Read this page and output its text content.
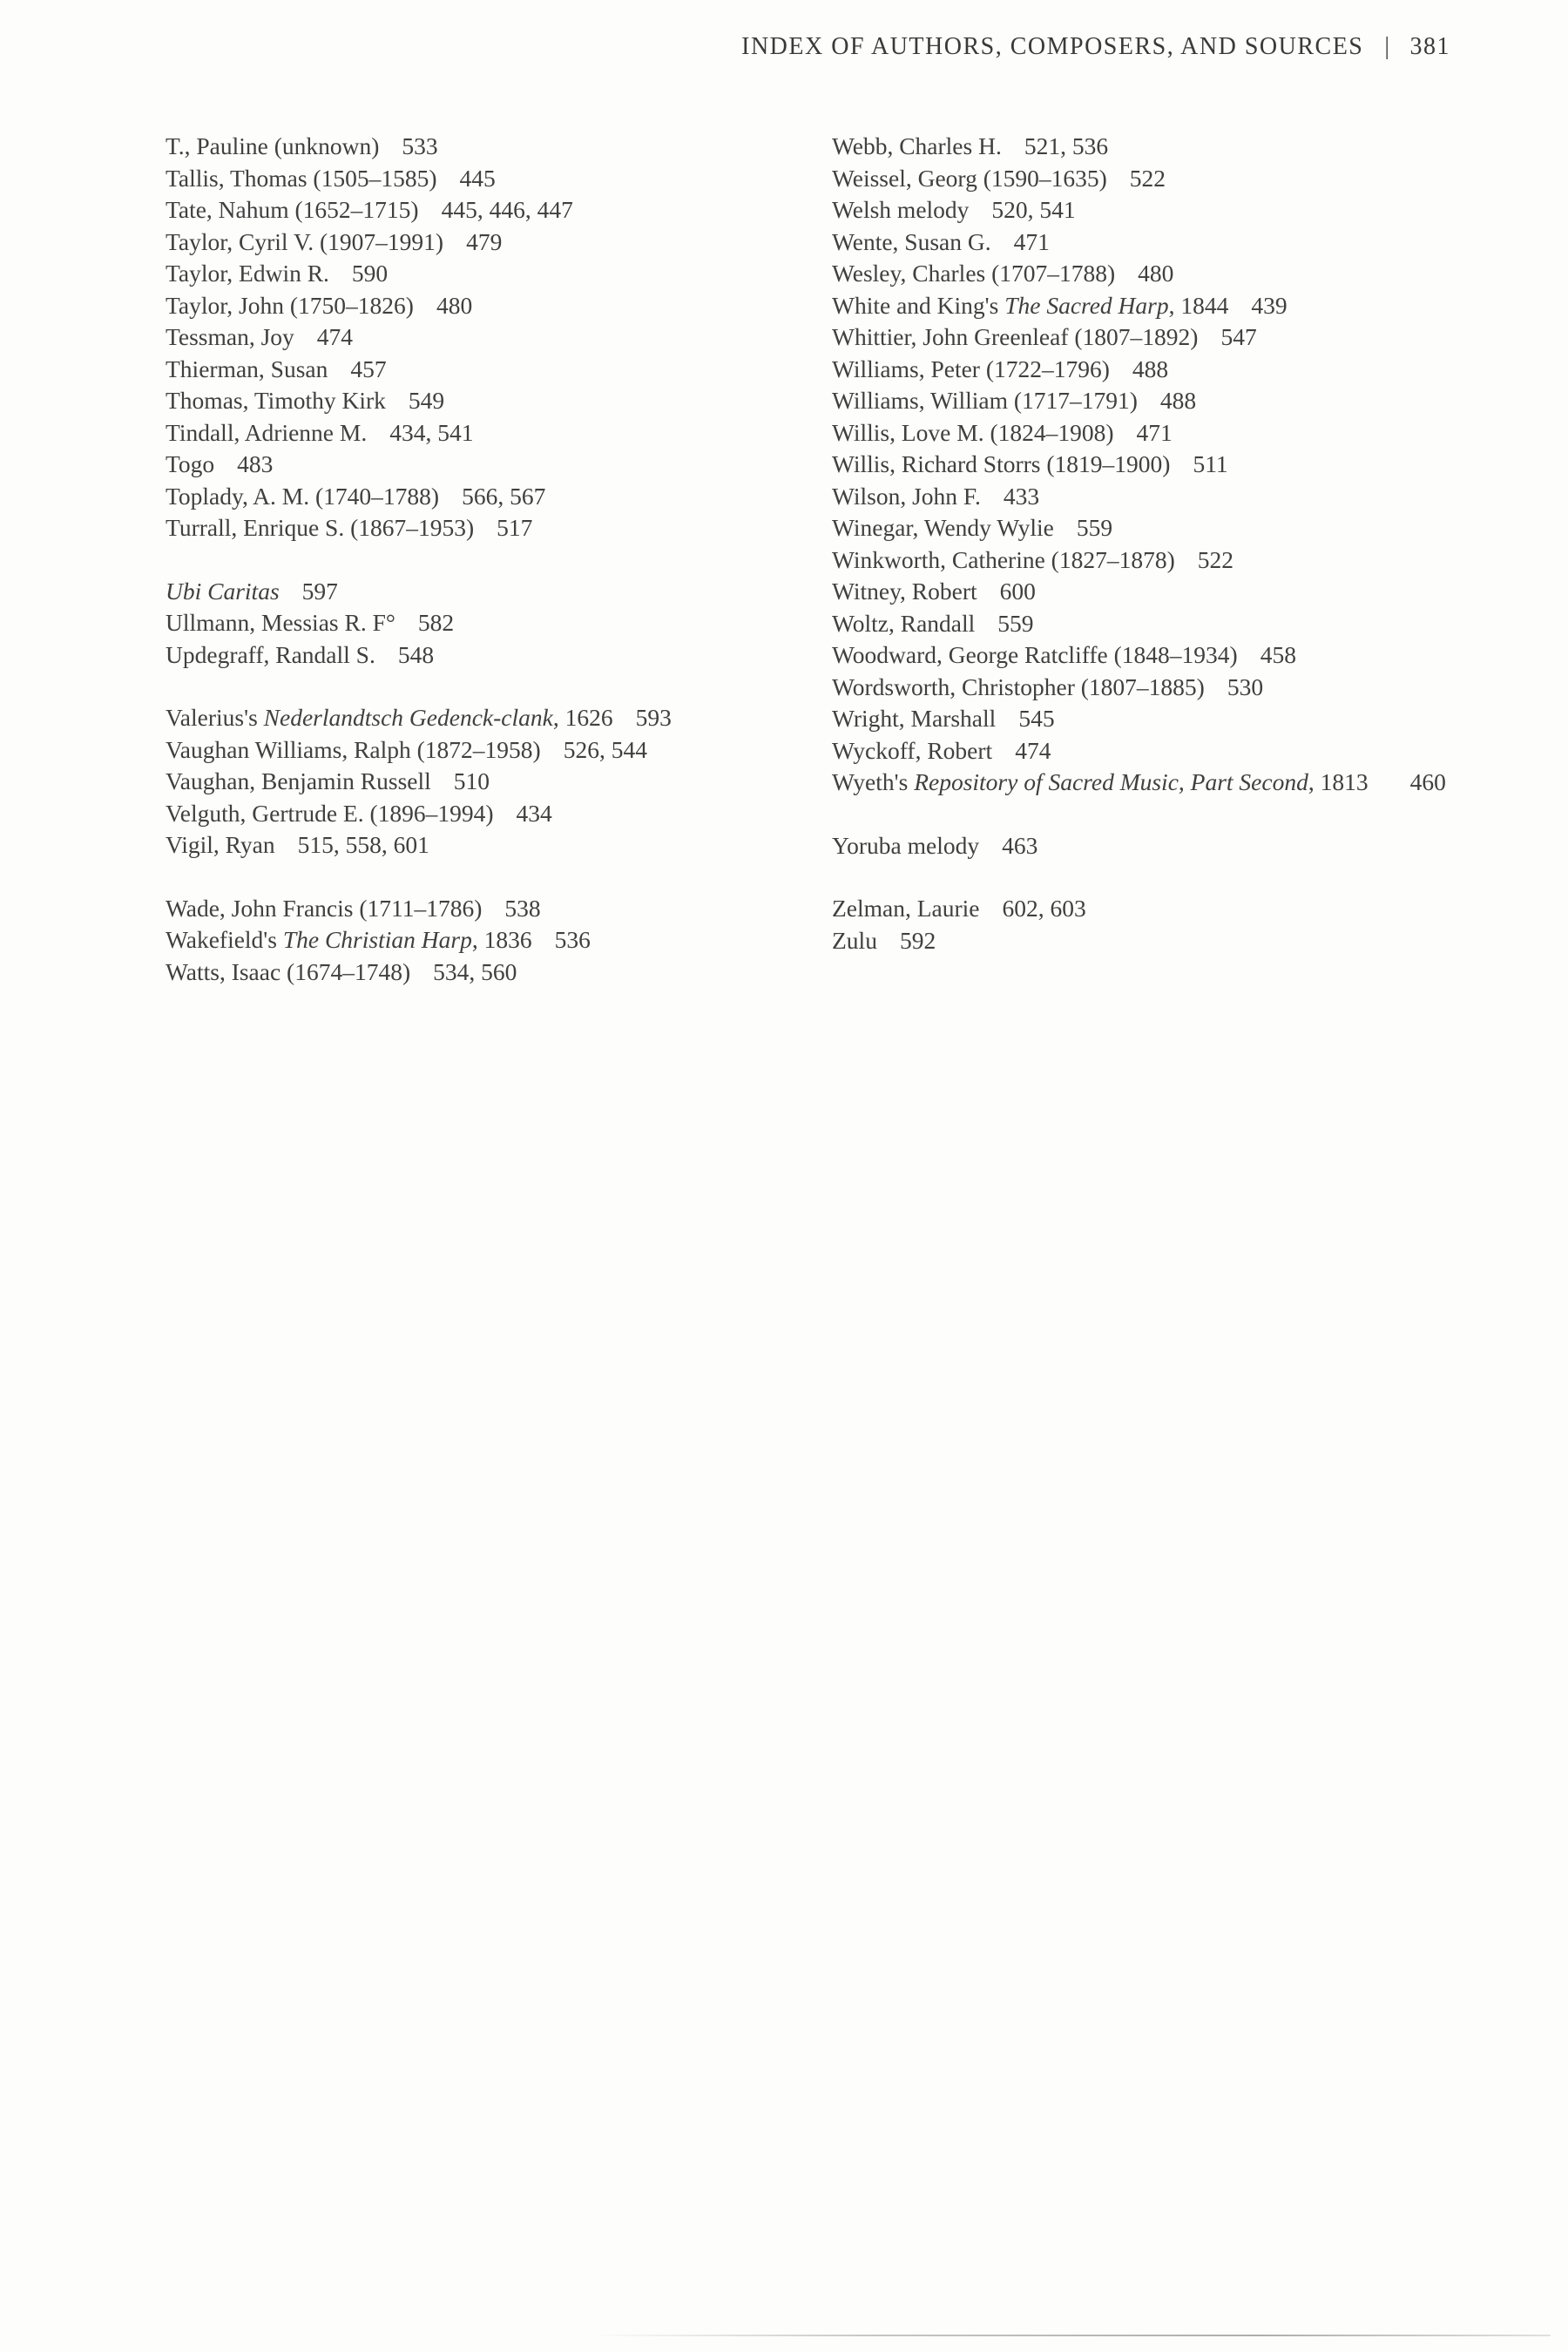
INDEX OF AUTHORS, COMPOSERS, AND SOURCES | 381
T., Pauline (unknown) 533
Tallis, Thomas (1505–1585) 445
Tate, Nahum (1652–1715) 445, 446, 447
Taylor, Cyril V. (1907–1991) 479
Taylor, Edwin R. 590
Taylor, John (1750–1826) 480
Tessman, Joy 474
Thierman, Susan 457
Thomas, Timothy Kirk 549
Tindall, Adrienne M. 434, 541
Togo 483
Toplady, A. M. (1740–1788) 566, 567
Turrall, Enrique S. (1867–1953) 517
Ubi Caritas 597
Ullmann, Messias R. F° 582
Updegraff, Randall S. 548
Valerius's Nederlandtsch Gedenck-clank, 1626 593
Vaughan Williams, Ralph (1872–1958) 526, 544
Vaughan, Benjamin Russell 510
Velguth, Gertrude E. (1896–1994) 434
Vigil, Ryan 515, 558, 601
Wade, John Francis (1711–1786) 538
Wakefield's The Christian Harp, 1836 536
Watts, Isaac (1674–1748) 534, 560
Webb, Charles H. 521, 536
Weissel, Georg (1590–1635) 522
Welsh melody 520, 541
Wente, Susan G. 471
Wesley, Charles (1707–1788) 480
White and King's The Sacred Harp, 1844 439
Whittier, John Greenleaf (1807–1892) 547
Williams, Peter (1722–1796) 488
Williams, William (1717–1791) 488
Willis, Love M. (1824–1908) 471
Willis, Richard Storrs (1819–1900) 511
Wilson, John F. 433
Winegar, Wendy Wylie 559
Winkworth, Catherine (1827–1878) 522
Witney, Robert 600
Woltz, Randall 559
Woodward, George Ratcliffe (1848–1934) 458
Wordsworth, Christopher (1807–1885) 530
Wright, Marshall 545
Wyckoff, Robert 474
Wyeth's Repository of Sacred Music, Part Second, 1813 460
Yoruba melody 463
Zelman, Laurie 602, 603
Zulu 592
